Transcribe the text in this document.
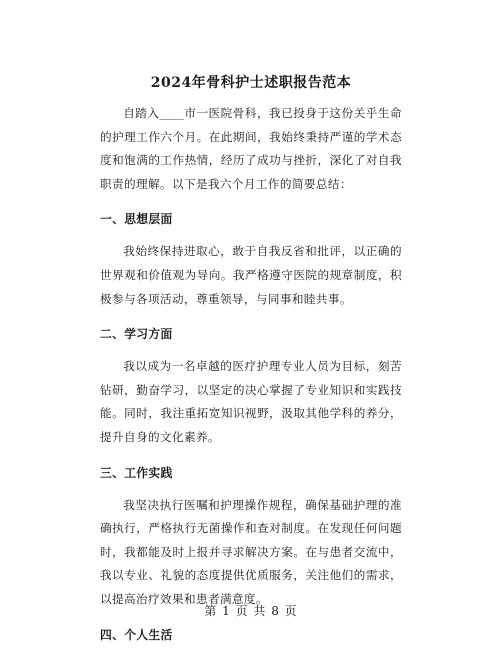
2024年骨科护士述职报告范本

自踏入____市一医院骨科，我已投身于这份关乎生命的护理工作六个月。在此期间，我始终秉持严谨的学术态度和饱满的工作热情，经历了成功与挫折，深化了对自我职责的理解。以下是我六个月工作的简要总结：

一、思想层面

我始终保持进取心，敢于自我反省和批评，以正确的世界观和价值观为导向。我严格遵守医院的规章制度，积极参与各项活动，尊重领导，与同事和睦共事。

二、学习方面

我以成为一名卓越的医疗护理专业人员为目标，刻苦钻研，勤奋学习，以坚定的决心掌握了专业知识和实践技能。同时，我注重拓宽知识视野，汲取其他学科的养分，提升自身的文化素养。

三、工作实践

我坚决执行医嘱和护理操作规程，确保基础护理的准确执行，严格执行无菌操作和查对制度。在发现任何问题时，我都能及时上报并寻求解决方案。在与患者交流中，我以专业、礼貌的态度提供优质服务，关注他们的需求，以提高治疗效果和患者满意度。

四、个人生活
第 1 页 共 8 页
